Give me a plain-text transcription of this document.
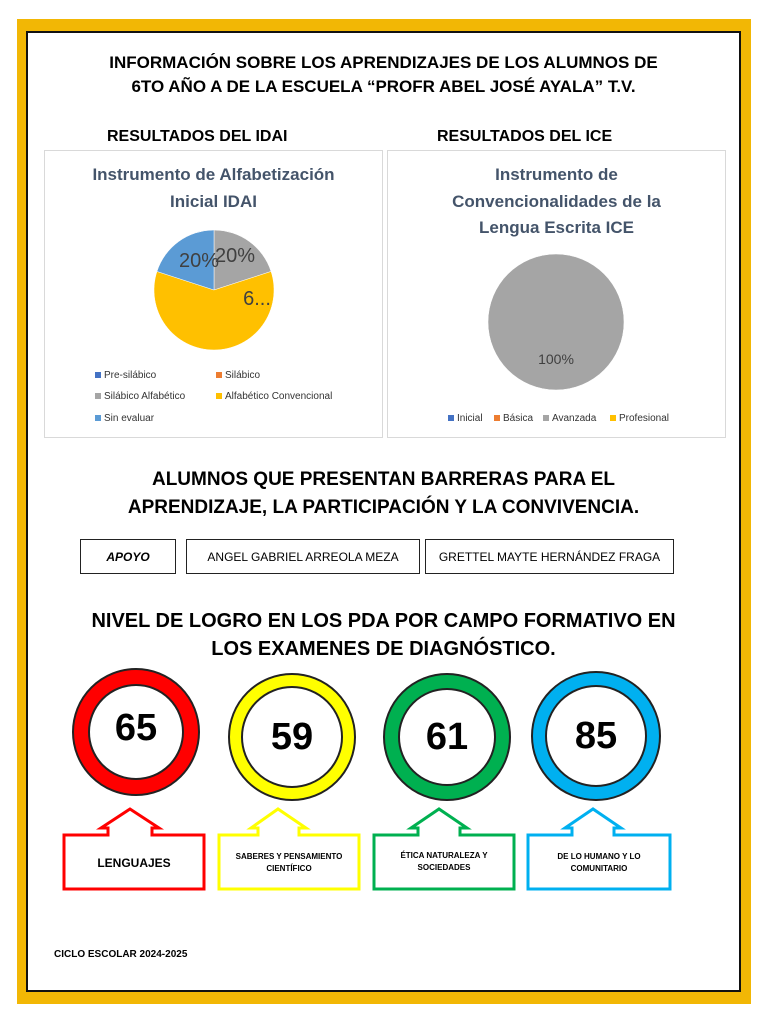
INFORMACIÓN SOBRE LOS APRENDIZAJES DE LOS ALUMNOS DE
6TO AÑO A DE LA ESCUELA “PROFR ABEL JOSÉ AYALA” T.V.
RESULTADOS DEL IDAI	RESULTADOS DEL ICE
Instrumento de Alfabetización
Inicial IDAI
20%
6...
20%
Pre-silábico	Silábico
Silábico Alfabético	Alfabético Convencional
Sin evaluar
Instrumento de
Convencionalidades de la
Lengua Escrita ICE
100%
Inicial	Básica	Avanzada	Profesional
ALUMNOS QUE PRESENTAN BARRERAS PARA EL
APRENDIZAJE, LA PARTICIPACIÓN Y LA CONVIVENCIA.
APOYO	ANGEL GABRIEL ARREOLA MEZA	GRETTEL MAYTE HERNÁNDEZ FRAGA
NIVEL DE LOGRO EN LOS PDA POR CAMPO FORMATIVO EN
LOS EXAMENES DE DIAGNÓSTICO.
65	59	61	85
LENGUAJES	SABERES Y PENSAMIENTO CIENTÍFICO
ÉTICA NATURALEZA Y SOCIEDADES
DE LO HUMANO Y LO COMUNITARIO
CICLO ESCOLAR 2024-2025
